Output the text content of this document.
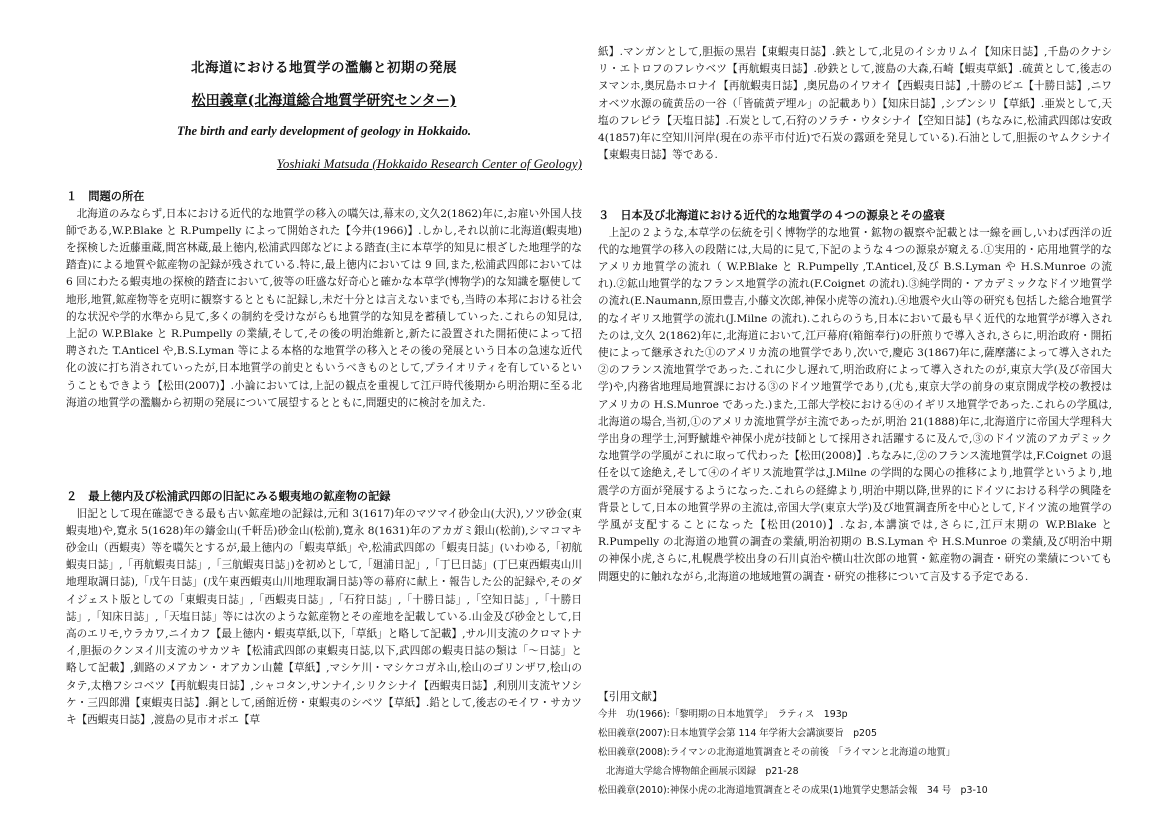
北海道における地質学の濫觴と初期の発展
松田義章(北海道総合地質学研究センター)
The birth and early development of geology in Hokkaido.
Yoshiaki Matsuda (Hokkaido Research Center of Geology)
１　問題の所在

北海道のみならず,日本における近代的な地質学の移入の嚆矢は,幕末の,文久2(1862)年に,お雇い外国人技師である,W.P.Blake と R.Pumpelly によって開始された【今井(1966)】.しかし,それ以前に北海道(蝦夷地)を探検した近藤重蔵,間宮林蔵,最上徳内,松浦武四郎などによる踏査(主に本草学的知見に根ざした地理学的な踏査)による地質や鉱産物の記録が残されている.特に,最上徳内においては 9 回,また,松浦武四郎においては 6 回にわたる蝦夷地の探検的踏査において,彼等の旺盛な好奇心と確かな本草学(博物学)的な知識を駆使して地形,地質,鉱産物等を克明に観察するとともに記録し,未だ十分とは言えないまでも,当時の本邦における社会的な状況や学的水準から見て,多くの制約を受けながらも地質学的な知見を蓄積していった.これらの知見は,上記の W.P.Blake と R.Pumpelly の業績,そして,その後の明治維新と,新たに設置された開拓使によって招聘された T.Anticel や,B.S.Lyman 等による本格的な地質学の移入とその後の発展という日本の急速な近代化の波に打ち消されていったが,日本地質学の前史ともいうべきものとして,プライオリティを有しているということもできよう【松田(2007)】.小論においては,上記の観点を重視して江戸時代後期から明治期に至る北海道の地質学の濫觴から初期の発展について展望するとともに,問題史的に検討を加えた.

２　最上徳内及び松浦武四郎の旧記にみる蝦夷地の鉱産物の記録

旧記として現在確認できる最も古い鉱産地の記録は,元和 3(1617)年のマツマイ砂金山(大沢),ソツ砂金(東蝦夷地)や,寛永 5(1628)年の鑄金山(千軒岳)砂金山(松前),寛永 8(1631)年のアカガミ銀山(松前),シマコマキ砂金山（西蝦夷）等を嚆矢とするが,最上徳内の「蝦夷草紙」や,松浦武四郎の「蝦夷日誌」(いわゆる,「初航蝦夷日誌」,「再航蝦夷日誌」,「三航蝦夷日誌」)を初めとして,「廻浦日記」,「丁巳日誌」(丁巳東西蝦夷山川地理取調日誌),「戊午日誌」(戊午東西蝦夷山川地理取調日誌)等の幕府に献上・報告した公的記録や,そのダイジェスト版としての「東蝦夷日誌」,「西蝦夷日誌」,「石狩日誌」,「十勝日誌」,「空知日誌」,「十勝日誌」,「知床日誌」,「天塩日誌」等には次のような鉱産物とその産地を記載している.山金及び砂金として,日高のエリモ,ウラカワ,ニイカフ【最上徳内・蝦夷草紙,以下,「草紙」と略して記載】,サル川支流のクロマトナイ,胆振のクンヌイ川支流のサカツキ【松浦武四郎の東蝦夷日誌,以下,武四郎の蝦夷日誌の類は「～日誌」と略して記載】,釧路のメアカン・オアカン山麓【草紙】,マシケ川・マシケコガネ山,桧山のゴリンザワ,桧山のタテ,太櫓フシコベツ【再航蝦夷日誌】,シャコタン,サンナイ,シリクシナイ【西蝦夷日誌】,利別川支流ヤソシケ・三四郎淵【東蝦夷日誌】.銅として,函館近傍・東蝦夷のシベツ【草紙】.鉛として,後志のモイワ・サカツキ【西蝦夷日誌】,渡島の見市オボエ【草

紙】.マンガンとして,胆振の黒岩【東蝦夷日誌】.鉄として,北見のイシカリムイ【知床日誌】,千島のクナシリ・エトロフのフレウベツ【再航蝦夷日誌】.砂鉄として,渡島の大森,石崎【蝦夷草紙】.硫黄として,後志のヌマンホ,奥尻島ホロナイ【再航蝦夷日誌】,奥尻島のイワオイ【西蝦夷日誌】,十勝のビエ【十勝日誌】,ニワオベツ水源の硫黄岳の一谷（「皆硫黄デ埋ル」の記載あり）【知床日誌】,シブンシリ【草紙】.亜炭として,天塩のフレピラ【天塩日誌】.石炭として,石狩のソラチ・ウタシナイ【空知日誌】(ちなみに,松浦武四郎は安政 4(1857)年に空知川河岸(現在の赤平市付近)で石炭の露頭を発見している).石油として,胆振のヤムクシナイ【東蝦夷日誌】等である.

３　日本及び北海道における近代的な地質学の４つの源泉とその盛衰

上記の２ような,本草学の伝統を引く博物学的な地質・鉱物の観察や記載とは一線を画し,いわば西洋の近代的な地質学の移入の段階には,大局的に見て,下記のような４つの源泉が窺える.①実用的・応用地質学的なアメリカ地質学の流れ（ W.P.Blake と R.Pumpelly ,T.Anticel,及び B.S.Lyman や H.S.Munroe の流れ).②鉱山地質学的なフランス地質学の流れ(F.Coignet の流れ).③純学問的・アカデミックなドイツ地質学の流れ(E.Naumann,原田豊吉,小藤文次郎,神保小虎等の流れ).④地震や火山等の研究も包括した総合地質学的なイギリス地質学の流れ(J.Milne の流れ).これらのうち,日本において最も早く近代的な地質学が導入されたのは,文久 2(1862)年に,北海道において,江戸幕府(箱館奉行)の肝煎りで導入され,さらに,明治政府・開拓使によって継承された①のアメリカ流の地質学であり,次いで,慶応 3(1867)年に,薩摩藩によって導入された②のフランス流地質学であった.これに少し遅れて,明治政府によって導入されたのが,東京大学(及び帝国大学)や,内務省地理局地質課における③のドイツ地質学であり,(尤も,東京大学の前身の東京開成学校の教授はアメリカの H.S.Munroe であった.)また,工部大学校における④のイギリス地質学であった.これらの学風は,北海道の場合,当初,①のアメリカ流地質学が主流であったが,明治 21(1888)年に,北海道庁に帝国大学理科大学出身の理学士,河野鯱雄や神保小虎が技師として採用され活躍するに及んで,③のドイツ流のアカデミックな地質学の学風がこれに取って代わった【松田(2008)】.ちなみに,②のフランス流地質学は,F.Coignet の退任を以て途絶え,そして④のイギリス流地質学は,J.Milne の学問的な関心の推移により,地質学というより,地震学の方面が発展するようになった.これらの経緯より,明治中期以降,世界的にドイツにおける科学の興隆を背景として,日本の地質学界の主流は,帝国大学(東京大学)及び地質調査所を中心として,ドイツ流の地質学の学風が支配することになった【松田(2010)】.なお,本講演では,さらに,江戸末期の W.P.Blake と R.Pumpelly の北海道の地質の調査の業績,明治初期の B.S.Lyman や H.S.Munroe の業績,及び明治中期の神保小虎,さらに,札幌農学校出身の石川貞治や横山壮次郎の地質・鉱産物の調査・研究の業績についても問題史的に触れながら,北海道の地域地質の調査・研究の推移について言及する予定である.

【引用文献】
今井　功(1966):「黎明期の日本地質学」　ラティス　193p
松田義章(2007):日本地質学会第 114 年学術大会講演要旨　p205
松田義章(2008):ライマンの北海道地質調査とその前後　「ライマンと北海道の地質」
北海道大学総合博物館企画展示図録　p21-28
松田義章(2010):神保小虎の北海道地質調査とその成果(1)地質学史懇話会報　34 号　p3-10
